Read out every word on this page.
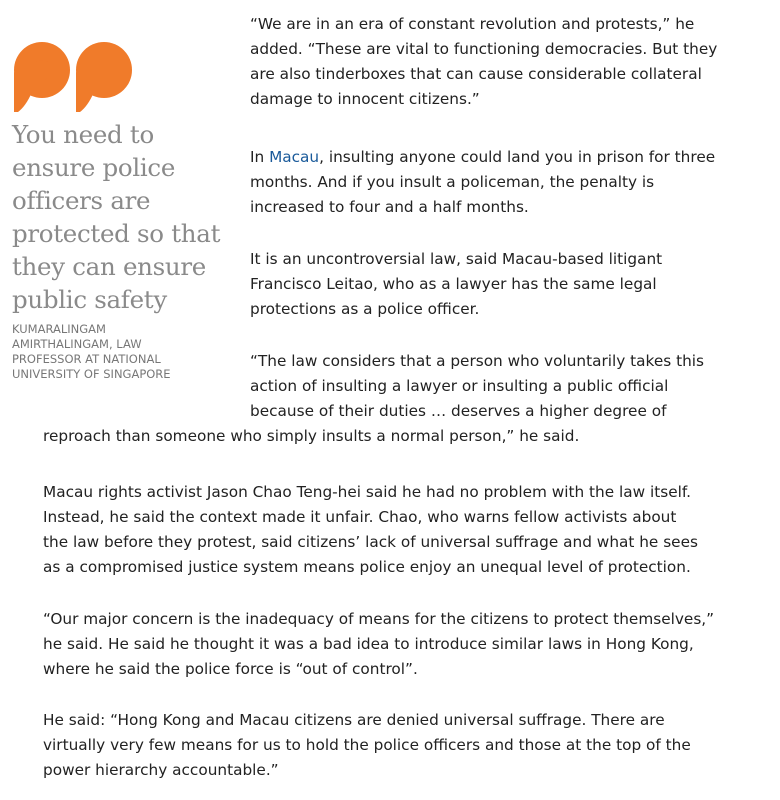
You need to
ensure police
officers are
protected so that
they can ensure
public safety
KUMARALINGAM
AMIRTHALINGAM, LAW
PROFESSOR AT NATIONAL
UNIVERSITY OF SINGAPORE
“We are in an era of constant revolution and protests,” he
added. “These are vital to functioning democracies. But they
are also tinderboxes that can cause considerable collateral
damage to innocent citizens.”
In Macau, insulting anyone could land you in prison for three
months. And if you insult a policeman, the penalty is
increased to four and a half months.
It is an uncontroversial law, said Macau-based litigant
Francisco Leitao, who as a lawyer has the same legal
protections as a police officer.
“The law considers that a person who voluntarily takes this
action of insulting a lawyer or insulting a public official
because of their duties … deserves a higher degree of
reproach than someone who simply insults a normal person,” he said.
Macau rights activist Jason Chao Teng-hei said he had no problem with the law itself.
Instead, he said the context made it unfair. Chao, who warns fellow activists about
the law before they protest, said citizens’ lack of universal suffrage and what he sees
as a compromised justice system means police enjoy an unequal level of protection.
“Our major concern is the inadequacy of means for the citizens to protect themselves,”
he said. He said he thought it was a bad idea to introduce similar laws in Hong Kong,
where he said the police force is “out of control”.
He said: “Hong Kong and Macau citizens are denied universal suffrage. There are
virtually very few means for us to hold the police officers and those at the top of the
power hierarchy accountable.”
